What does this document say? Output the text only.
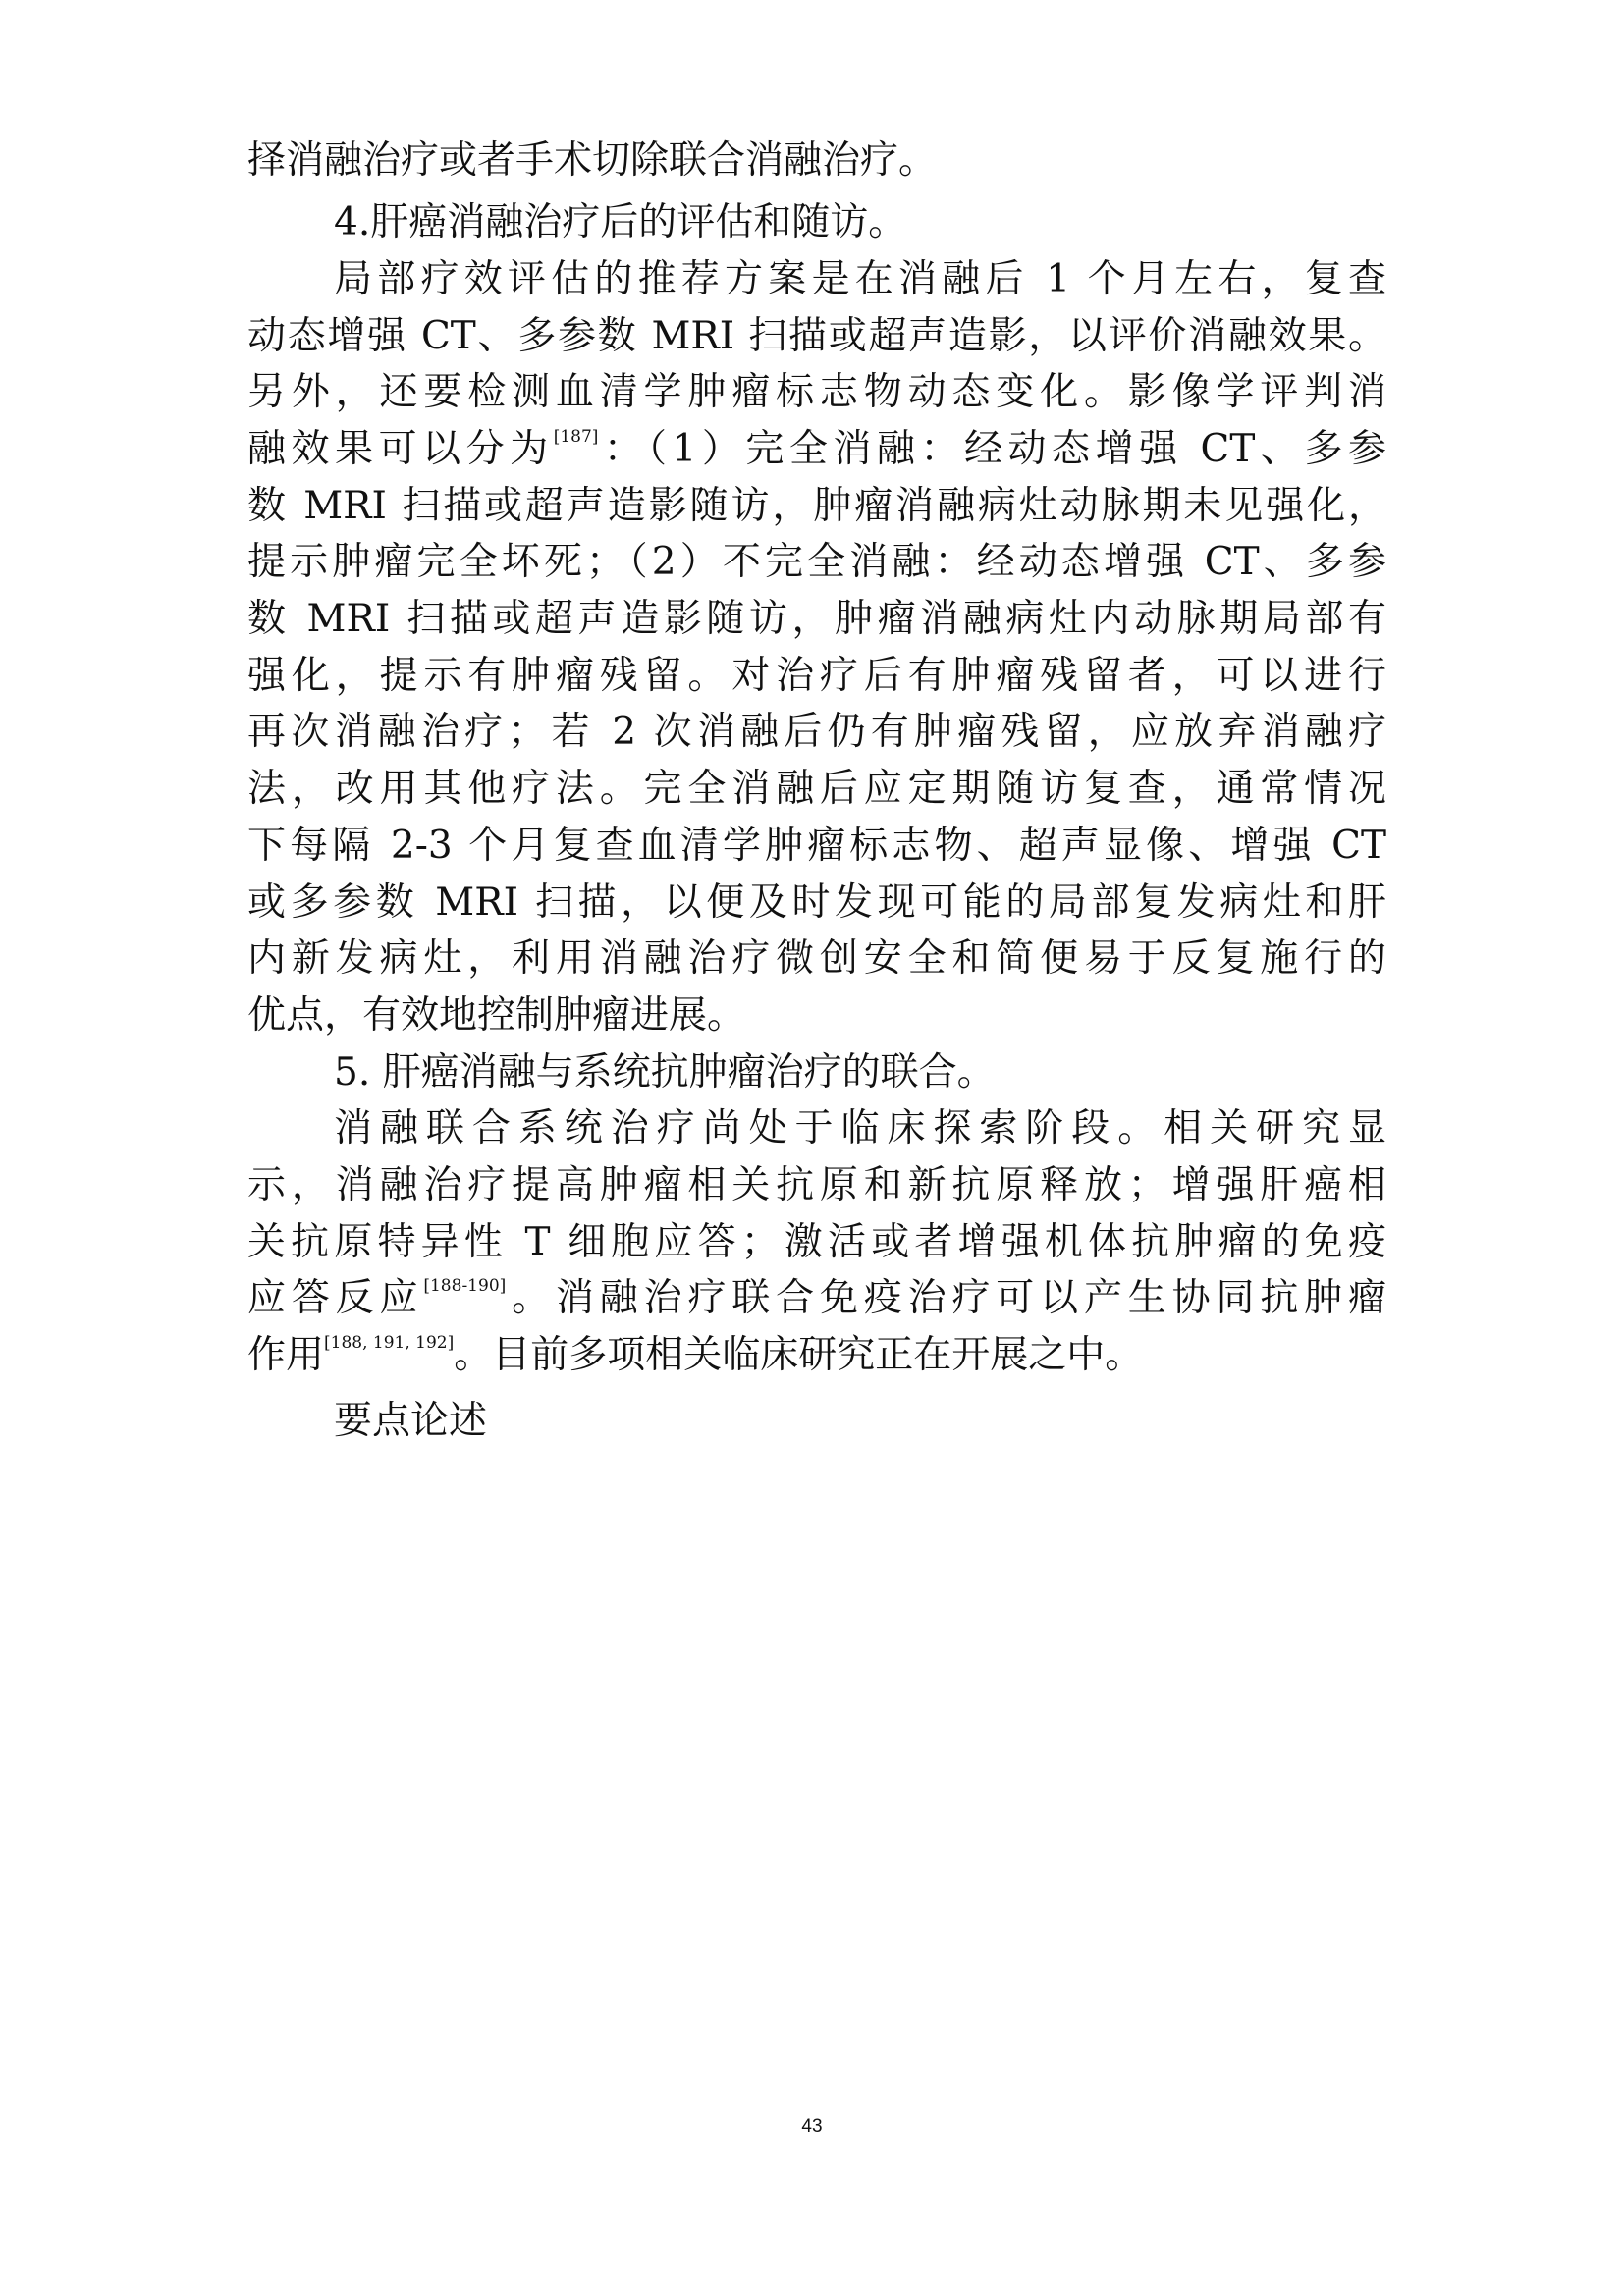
择消融治疗或者手术切除联合消融治疗。
4.肝癌消融治疗后的评估和随访。
局部疗效评估的推荐方案是在消融后 1 个月左右，复查
动态增强 CT、多参数 MRI 扫描或超声造影，以评价消融效果。
另外，还要检测血清学肿瘤标志物动态变化。影像学评判消
融效果可以分为[187]：（1）完全消融：经动态增强 CT、多参
数 MRI 扫描或超声造影随访，肿瘤消融病灶动脉期未见强化，
提示肿瘤完全坏死；（2）不完全消融：经动态增强 CT、多参
数 MRI 扫描或超声造影随访，肿瘤消融病灶内动脉期局部有
强化，提示有肿瘤残留。对治疗后有肿瘤残留者，可以进行
再次消融治疗；若 2 次消融后仍有肿瘤残留，应放弃消融疗
法，改用其他疗法。完全消融后应定期随访复查，通常情况
下每隔 2-3 个月复查血清学肿瘤标志物、超声显像、增强 CT
或多参数 MRI 扫描，以便及时发现可能的局部复发病灶和肝
内新发病灶，利用消融治疗微创安全和简便易于反复施行的
优点，有效地控制肿瘤进展。
5. 肝癌消融与系统抗肿瘤治疗的联合。
消融联合系统治疗尚处于临床探索阶段。相关研究显
示，消融治疗提高肿瘤相关抗原和新抗原释放；增强肝癌相
关抗原特异性 T 细胞应答；激活或者增强机体抗肿瘤的免疫
应答反应[188-190]。消融治疗联合免疫治疗可以产生协同抗肿瘤
作用[188, 191, 192]。目前多项相关临床研究正在开展之中。
要点论述
43
